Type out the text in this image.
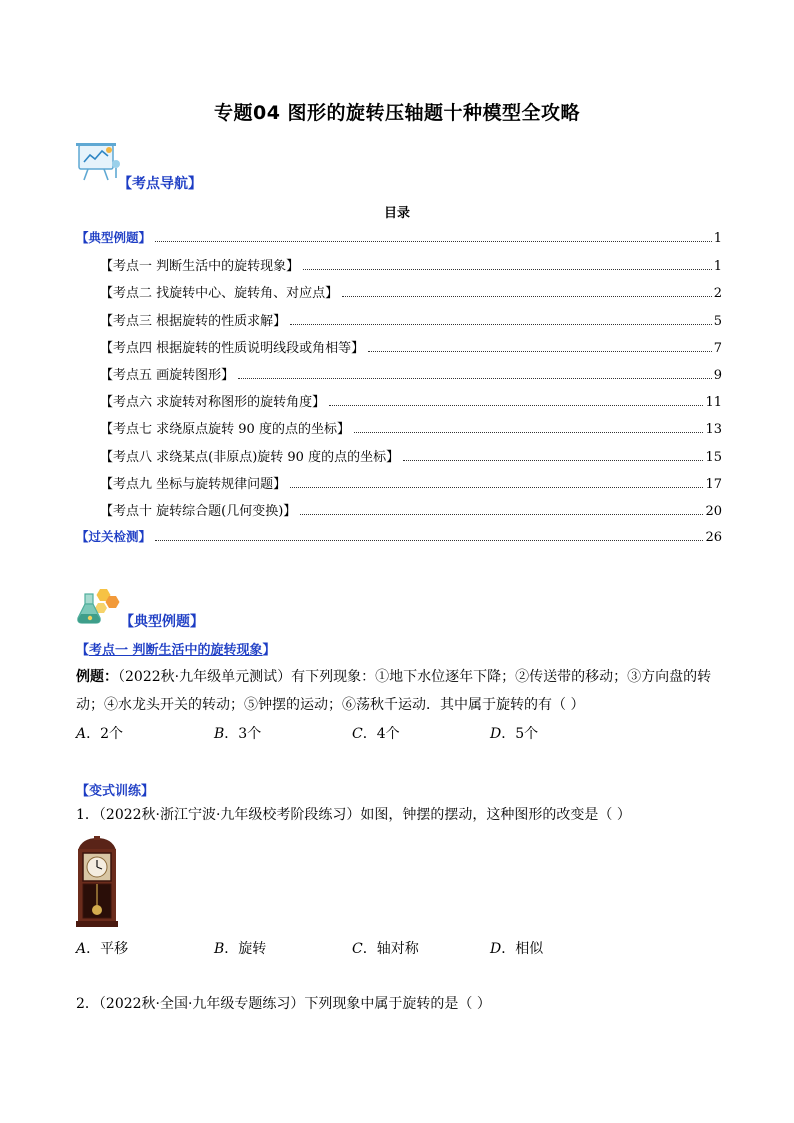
专题04 图形的旋转压轴题十种模型全攻略
【考点导航】
目录
【典型例题】	1
【考点一 判断生活中的旋转现象】	1
【考点二 找旋转中心、旋转角、对应点】	2
【考点三 根据旋转的性质求解】	5
【考点四 根据旋转的性质说明线段或角相等】	7
【考点五 画旋转图形】	9
【考点六 求旋转对称图形的旋转角度】	11
【考点七 求绕原点旋转 90 度的点的坐标】	13
【考点八 求绕某点(非原点)旋转 90 度的点的坐标】	15
【考点九 坐标与旋转规律问题】	17
【考点十 旋转综合题(几何变换)】	20
【过关检测】	26
【典型例题】
【考点一 判断生活中的旋转现象】
例题：（2022秋·九年级单元测试）有下列现象：①地下水位逐年下降；②传送带的移动；③方向盘的转
动；④水龙头开关的转动；⑤钟摆的运动；⑥荡秋千运动．其中属于旋转的有（ ）
A．2个	B．3个	C．4个	D．5个
【变式训练】
1．（2022秋·浙江宁波·九年级校考阶段练习）如图，钟摆的摆动，这种图形的改变是（ ）
A．平移	B．旋转	C．轴对称	D．相似
2．（2022秋·全国·九年级专题练习）下列现象中属于旋转的是（ ）
